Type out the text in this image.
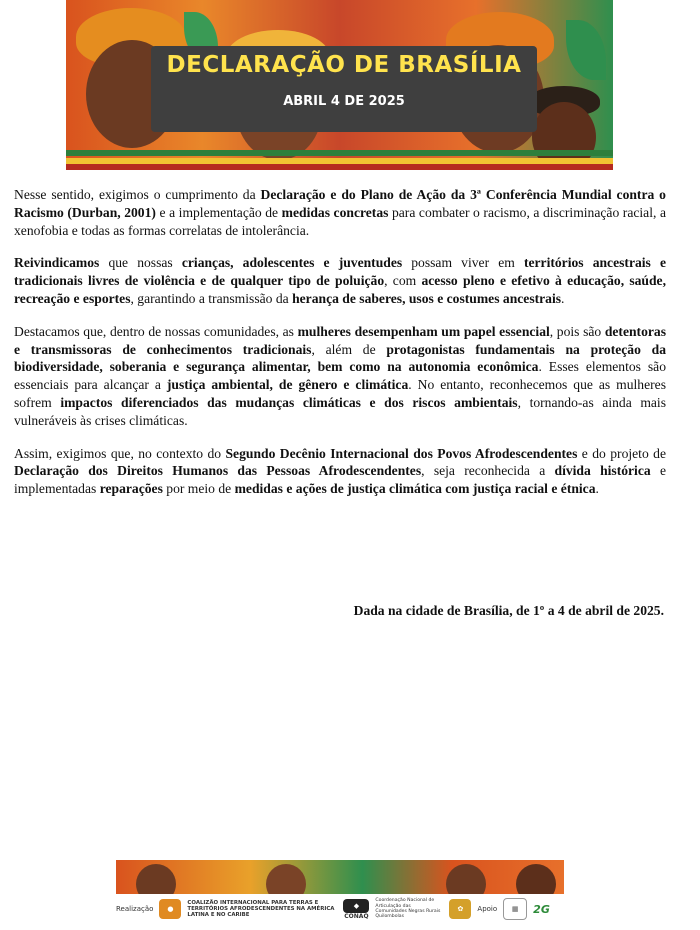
DECLARAÇÃO DE BRASÍLIA
ABRIL 4 DE 2025

Nesse sentido, exigimos o cumprimento da Declaração e do Plano de Ação da 3ª Conferência Mundial contra o Racismo (Durban, 2001) e a implementação de medidas concretas para combater o racismo, a discriminação racial, a xenofobia e todas as formas correlatas de intolerância.

Reivindicamos que nossas crianças, adolescentes e juventudes possam viver em territórios ancestrais e tradicionais livres de violência e de qualquer tipo de poluição, com acesso pleno e efetivo à educação, saúde, recreação e esportes, garantindo a transmissão da herança de saberes, usos e costumes ancestrais.

Destacamos que, dentro de nossas comunidades, as mulheres desempenham um papel essencial, pois são detentoras e transmissoras de conhecimentos tradicionais, além de protagonistas fundamentais na proteção da biodiversidade, soberania e segurança alimentar, bem como na autonomia econômica. Esses elementos são essenciais para alcançar a justiça ambiental, de gênero e climática. No entanto, reconhecemos que as mulheres sofrem impactos diferenciados das mudanças climáticas e dos riscos ambientais, tornando-as ainda mais vulneráveis às crises climáticas.

Assim, exigimos que, no contexto do Segundo Decênio Internacional dos Povos Afrodescendentes e do projeto de Declaração dos Direitos Humanos das Pessoas Afrodescendentes, seja reconhecida a dívida histórica e implementadas reparações por meio de medidas e ações de justiça climática com justiça racial e étnica.

Dada na cidade de Brasília, de 1º a 4 de abril de 2025.
Realização	●
COALIZÃO INTERNACIONAL PARA TERRAS E TERRITÓRIOS AFRODESCENDENTES NA AMÉRICA LATINA E NO CARIBE
◆
CONAQ
Coordenação Nacional de Articulação das Comunidades Negras Rurais Quilombolas
✿	Apoio	▦	2G
